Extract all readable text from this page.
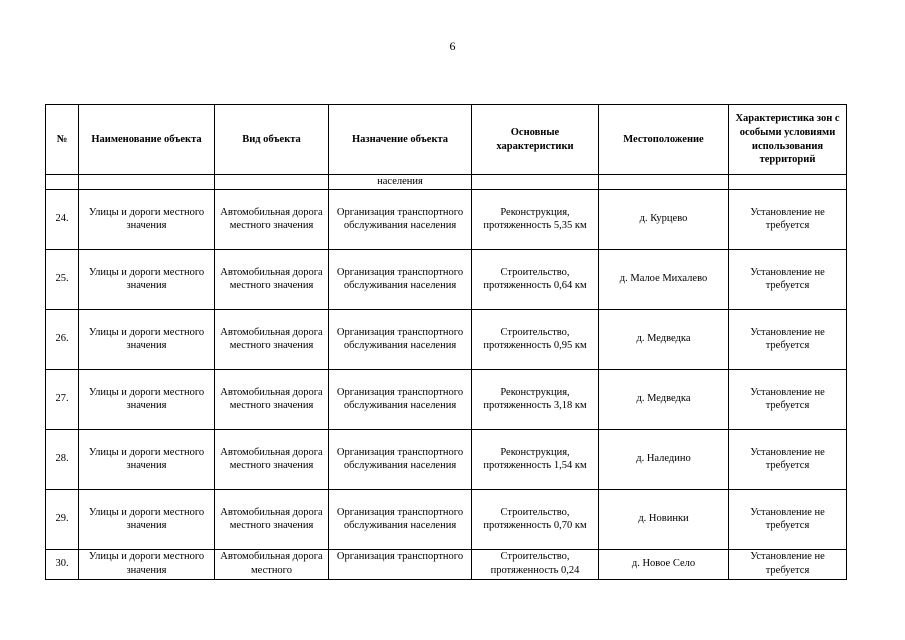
6
№	Наименование объекта	Вид объекта	Назначение объекта	Основные характеристики	Местоположение	Характеристика зон с особыми условиями использования территорий
			населения			
24.	Улицы и дороги местного значения	Автомобильная дорога местного значения	Организация транспортного обслуживания населения	Реконструкция, протяженность 5,35 км	д. Курцево	Установление не требуется
25.	Улицы и дороги местного значения	Автомобильная дорога местного значения	Организация транспортного обслуживания населения	Строительство, протяженность 0,64 км	д. Малое Михалево	Установление не требуется
26.	Улицы и дороги местного значения	Автомобильная дорога местного значения	Организация транспортного обслуживания населения	Строительство, протяженность 0,95 км	д. Медведка	Установление не требуется
27.	Улицы и дороги местного значения	Автомобильная дорога местного значения	Организация транспортного обслуживания населения	Реконструкция, протяженность 3,18 км	д. Медведка	Установление не требуется
28.	Улицы и дороги местного значения	Автомобильная дорога местного значения	Организация транспортного обслуживания населения	Реконструкция, протяженность 1,54 км	д. Наледино	Установление не требуется
29.	Улицы и дороги местного значения	Автомобильная дорога местного значения	Организация транспортного обслуживания населения	Строительство, протяженность 0,70 км	д. Новинки	Установление не требуется
30.	Улицы и дороги местного значения	Автомобильная дорога местного	Организация транспортного	Строительство, протяженность 0,24	д. Новое Село	Установление не требуется
